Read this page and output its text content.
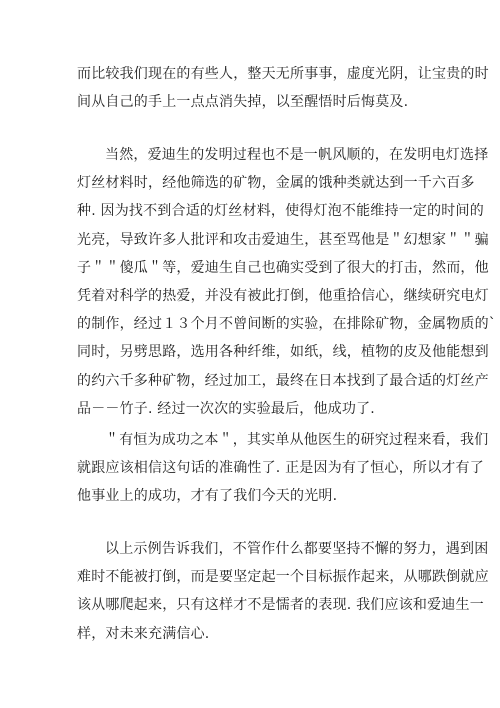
而比较我们现在的有些人，整天无所事事，虚度光阴，让宝贵的时
间从自己的手上一点点消失掉，以至醒悟时后悔莫及.
当然，爱迪生的发明过程也不是一帆风顺的，在发明电灯选择
灯丝材料时，经他筛选的矿物，金属的饿种类就达到一千六百多
种. 因为找不到合适的灯丝材料，使得灯泡不能维持一定的时间的
光亮，导致许多人批评和攻击爱迪生，甚至骂他是＂幻想家＂＂骗
子＂＂傻瓜＂等，爱迪生自己也确实受到了很大的打击，然而，他
凭着对科学的热爱，并没有被此打倒，他重拾信心，继续研究电灯
的制作，经过１３个月不曾间断的实验，在排除矿物，金属物质的`
同时，另劈思路，选用各种纤维，如纸，线，植物的皮及他能想到
的约六千多种矿物，经过加工，最终在日本找到了最合适的灯丝产
品－－竹子. 经过一次次的实验最后，他成功了.
＂有恒为成功之本＂，其实单从他医生的研究过程来看，我们
就跟应该相信这句话的准确性了. 正是因为有了恒心，所以才有了
他事业上的成功，才有了我们今天的光明.
以上示例告诉我们，不管作什么都要坚持不懈的努力，遇到困
难时不能被打倒，而是要坚定起一个目标振作起来，从哪跌倒就应
该从哪爬起来，只有这样才不是懦者的表现. 我们应该和爱迪生一
样，对未来充满信心.
